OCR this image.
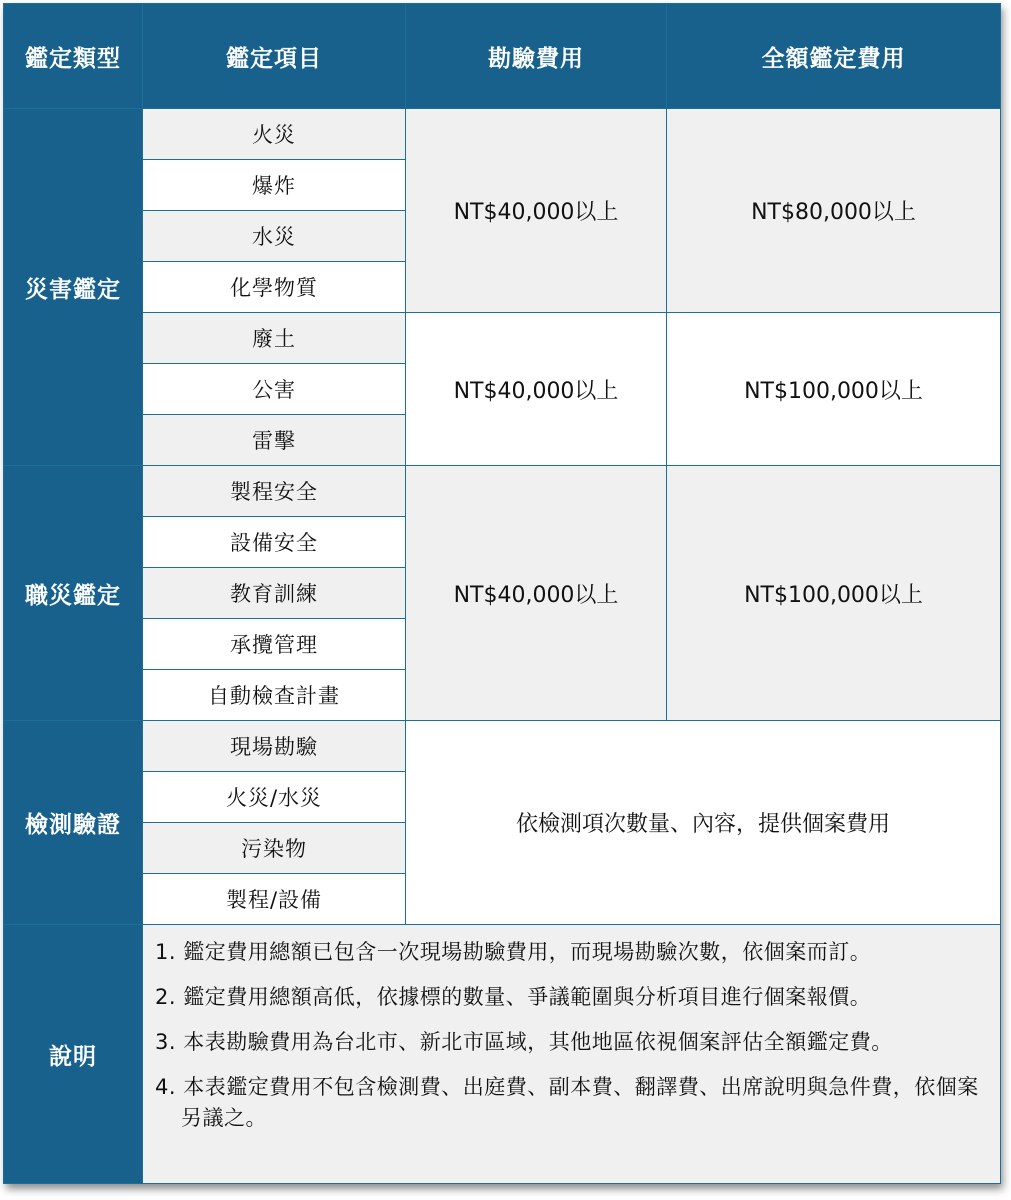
鑑定類型	鑑定項目	勘驗費用	全額鑑定費用
災害鑑定	火災	NT$40,000以上	NT$80,000以上
	爆炸		
	水災		
	化學物質		
	廢土	NT$40,000以上	NT$100,000以上
	公害		
	雷擊		
職災鑑定	製程安全	NT$40,000以上	NT$100,000以上
	設備安全		
	教育訓練		
	承攬管理		
	自動檢查計畫		
檢測驗證	現場勘驗	依檢測項次數量、內容，提供個案費用	
	火災/水災		
	污染物		
	製程/設備		
說明	1. 鑑定費用總額已包含一次現場勘驗費用，而現場勘驗次數，依個案而訂。
2. 鑑定費用總額高低，依據標的數量、爭議範圍與分析項目進行個案報價。
3. 本表勘驗費用為台北市、新北市區域，其他地區依視個案評估全額鑑定費。
4. 本表鑑定費用不包含檢測費、出庭費、副本費、翻譯費、出席說明與急件費，依個案另議之。		
